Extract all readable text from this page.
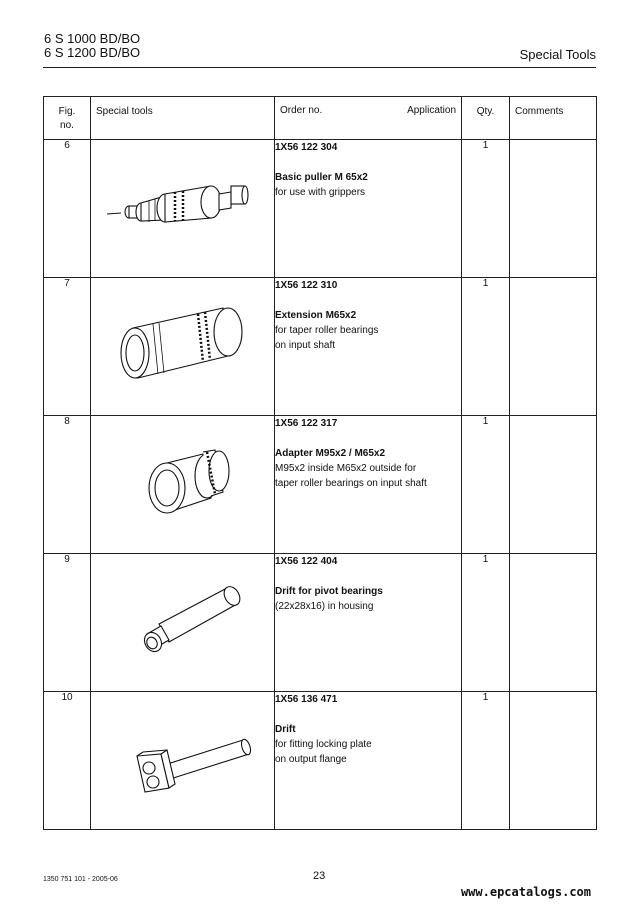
6 S 1000 BD/BO
6 S 1200 BD/BO	Special Tools
Fig.
no.	Special tools	Order no. Application	Qty.	Comments

6		1X56 122 304
Basic puller M 65x2
for use with grippers	1	
7		1X56 122 310
Extension M65x2
for taper roller bearings
on input shaft	1	
8		1X56 122 317
Adapter M95x2 / M65x2
M95x2 inside M65x2 outside for
taper roller bearings on input shaft	1	
9		1X56 122 404
Drift for pivot bearings
(22x28x16) in housing	1	
10		1X56 136 471
Drift
for fitting locking plate
on output flange	1	
1350 751 101 - 2005-06	23
www.epcatalogs.com
